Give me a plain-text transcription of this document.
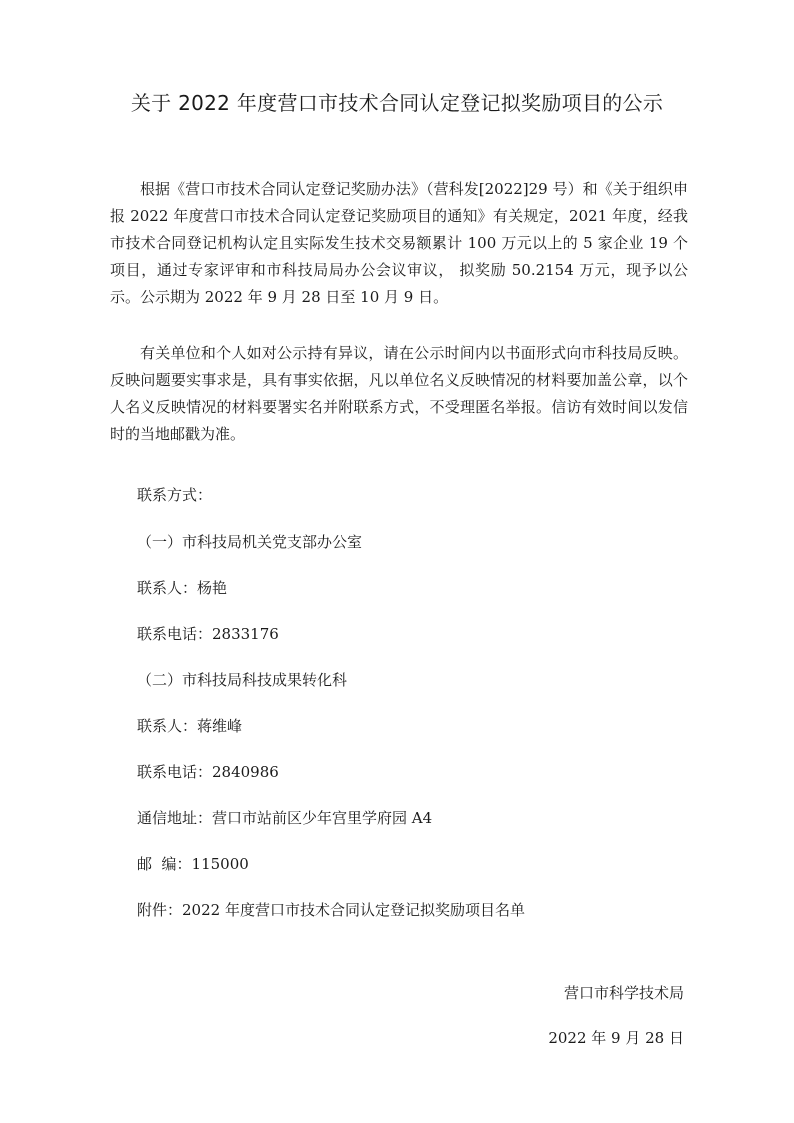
关于 2022 年度营口市技术合同认定登记拟奖励项目的公示

根据《营口市技术合同认定登记奖励办法》（营科发[2022]29 号）和《关于组织申报 2022 年度营口市技术合同认定登记奖励项目的通知》有关规定，2021 年度，经我市技术合同登记机构认定且实际发生技术交易额累计 100 万元以上的 5 家企业 19 个项目，通过专家评审和市科技局局办公会议审议， 拟奖励 50.2154 万元，现予以公示。公示期为 2022 年 9 月 28 日至 10 月 9 日。

有关单位和个人如对公示持有异议，请在公示时间内以书面形式向市科技局反映。反映问题要实事求是，具有事实依据，凡以单位名义反映情况的材料要加盖公章，以个人名义反映情况的材料要署实名并附联系方式，不受理匿名举报。信访有效时间以发信时的当地邮戳为准。

联系方式：

（一）市科技局机关党支部办公室

联系人：杨艳

联系电话：2833176

（二）市科技局科技成果转化科

联系人：蒋维峰

联系电话：2840986

通信地址：营口市站前区少年宫里学府园 A4

邮  编：115000

附件：2022 年度营口市技术合同认定登记拟奖励项目名单

营口市科学技术局

2022 年 9 月 28 日
